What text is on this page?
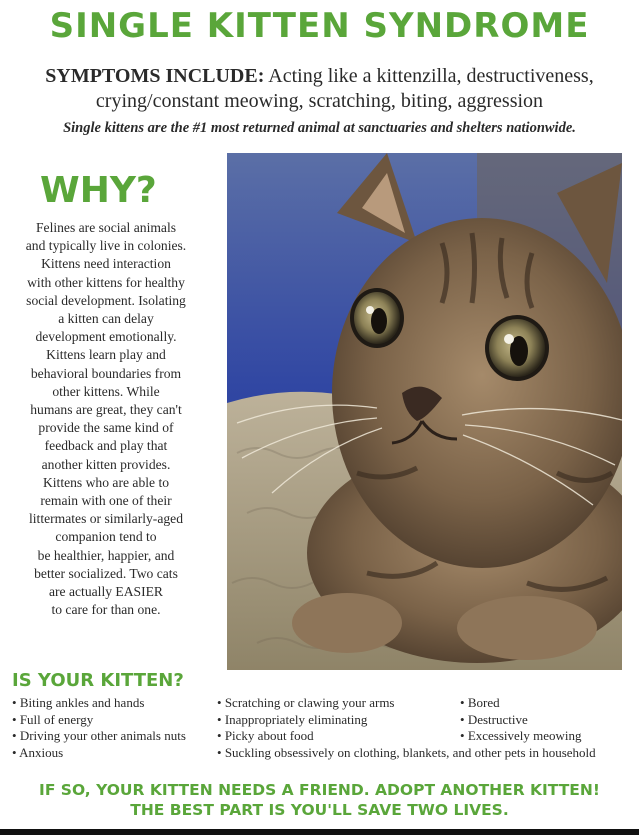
SINGLE KITTEN SYNDROME
SYMPTOMS INCLUDE: Acting like a kittenzilla, destructiveness,
crying/constant meowing, scratching, biting, aggression
Single kittens are the #1 most returned animal at sanctuaries and shelters nationwide.
WHY?
Felines are social animals
and typically live in colonies.
Kittens need interaction
with other kittens for healthy
social development. Isolating
a kitten can delay
development emotionally.
Kittens learn play and
behavioral boundaries from
other kittens. While
humans are great, they can't
provide the same kind of
feedback and play that
another kitten provides.
Kittens who are able to
remain with one of their
littermates or similarly-aged
companion tend to
be healthier, happier, and
better socialized. Two cats
are actually EASIER
to care for than one.
IS YOUR KITTEN?
• Biting ankles and hands
• Full of energy
• Driving your other animals nuts
• Anxious
• Scratching or clawing your arms
• Inappropriately eliminating
• Picky about food
• Suckling obsessively on clothing, blankets, and other pets in household
• Bored
• Destructive
• Excessively meowing
IF SO, YOUR KITTEN NEEDS A FRIEND. ADOPT ANOTHER KITTEN!
THE BEST PART IS YOU'LL SAVE TWO LIVES.
